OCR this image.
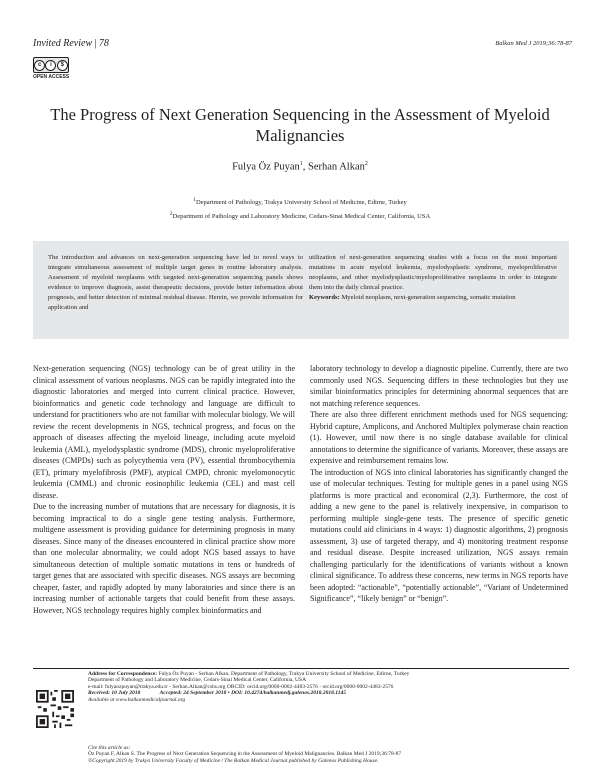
Invited Review | 78	Balkan Med J 2019;36:78-87
c	i	$
OPEN ACCESS
The Progress of Next Generation Sequencing in the Assessment of Myeloid Malignancies
Fulya Öz Puyan$^1$, Serhan Alkan$^2$
$^1$Department of Pathology, Trakya University School of Medicine, Edirne, Turkey
$^2$Department of Pathology and Laboratory Medicine, Cedars-Sinai Medical Center, California, USA
The introduction and advances on next-generation sequencing have led to novel ways to integrate simultaneous assessment of multiple target genes in routine laboratory analysis. Assessment of myeloid neoplasms with targeted next-generation sequencing panels shows evidence to improve diagnosis, assist therapeutic decisions, provide better information about prognosis, and better detection of minimal residual disease. Herein, we provide information for application and
utilization of next-generation sequencing studies with a focus on the most important mutations in acute myeloid leukemia, myelodysplastic syndrome, myeloproliferative neoplasms, and other myelodysplastic/myeloproliferative neoplasms in order to integrate them into the daily clinical practice.
Keywords: Myeloid neoplasm, next-generation sequencing, somatic mutation

Next-generation sequencing (NGS) technology can be of great utility in the clinical assessment of various neoplasms. NGS can be rapidly integrated into the diagnostic laboratories and merged into current clinical practice. However, bioinformatics and genetic code technology and language are difficult to understand for practitioners who are not familiar with molecular biology. We will review the recent developments in NGS, technical progress, and focus on the approach of diseases affecting the myeloid lineage, including acute myeloid leukemia (AML), myelodysplastic syndrome (MDS), chronic myeloproliferative diseases (CMPDs) such as polycythemia vera (PV), essential thrombocythemia (ET), primary myelofibrosis (PMF), atypical CMPD, chronic myelomonocytic leukemia (CMML) and chronic eosinophilic leukemia (CEL) and mast cell disease.

Due to the increasing number of mutations that are necessary for diagnosis, it is becoming impractical to do a single gene testing analysis. Furthermore, multigene assessment is providing guidance for determining prognosis in many diseases. Since many of the diseases encountered in clinical practice show more than one molecular abnormality, we could adopt NGS based assays to have simultaneous detection of multiple somatic mutations in tens or hundreds of target genes that are associated with specific diseases. NGS assays are becoming cheaper, faster, and rapidly adopted by many laboratories and since there is an increasing number of actionable targets that could benefit from these assays. However, NGS technology requires highly complex bioinformatics and

laboratory technology to develop a diagnostic pipeline. Currently, there are two commonly used NGS. Sequencing differs in these technologies but they use similar bioinformatics principles for determining abnormal sequences that are not matching reference sequences.

There are also three different enrichment methods used for NGS sequencing: Hybrid capture, Amplicons, and Anchored Multiplex polymerase chain reaction (1). However, until now there is no single database available for clinical annotations to determine the significance of variants. Moreover, these assays are expensive and reimbursement remains low.

The introduction of NGS into clinical laboratories has significantly changed the use of molecular techniques. Testing for multiple genes in a panel using NGS platforms is more practical and economical (2,3). Furthermore, the cost of adding a new gene to the panel is relatively inexpensive, in comparison to performing multiple single-gene tests. The presence of specific genetic mutations could aid clinicians in 4 ways: 1) diagnostic algorithms, 2) prognosis assessment, 3) use of targeted therapy, and 4) monitoring treatment response and residual disease. Despite increased utilization, NGS assays remain challenging particularly for the identifications of variants without a known clinical significance. To address these concerns, new terms in NGS reports have been adopted: “actionable”, “potentially actionable”, “Variant of Undetermined Significance”, “likely benign” or “benign”.

Address for Correspondence: Fulya Öz Puyan - Serhan Alkan, Department of Pathology, Trakya University School of Medicine, Edirne, Turkey
Department of Pathology and Laboratory Medicine, Cedars-Sinai Medical Center, California, USA
e-mail: fulyaozpuyan@trakya.edu.tr - Serhan.Alkan@cshs.org ORCID: orcid.org/0000-0002-4483-2576 - orcid.org/0000-0002-4483-2576
Received: 10 July 2018	Accepted: 24 September 2018 • DOI: 10.4274/balkanmedj.galenos.2018.2018.1145
Available at www.balkanmedicaljournal.org
Cite this article as:
Öz Puyan F, Alkan S. The Progress of Next Generation Sequencing in the Assessment of Myeloid Malignancies. Balkan Med J 2019;36:78-87
©Copyright 2019 by Trakya University Faculty of Medicine / The Balkan Medical Journal published by Galenos Publishing House.
